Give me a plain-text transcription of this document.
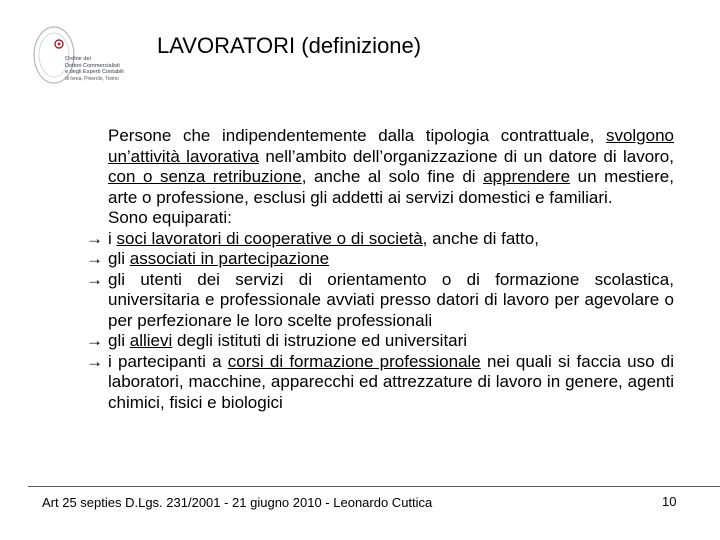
Ordine dei
Dottori Commercialisti
e degli Esperti Contabili
di Ivrea, Pinerolo, Torino
LAVORATORI (definizione)
Persone che indipendentemente dalla tipologia contrattuale, svolgono un’attività lavorativa nell’ambito dell’organizzazione di un datore di lavoro, con o senza retribuzione, anche al solo fine di apprendere un mestiere, arte o professione, esclusi gli addetti ai servizi domestici e familiari.
Sono equiparati:
→ i soci lavoratori di cooperative o di società, anche di fatto,
→ gli associati in partecipazione
→ gli utenti dei servizi di orientamento o di formazione scolastica, universitaria e professionale avviati presso datori di lavoro per agevolare o per perfezionare le loro scelte professionali
→ gli allievi degli istituti di istruzione ed universitari
→ i partecipanti a corsi di formazione professionale nei quali si faccia uso di laboratori, macchine, apparecchi ed attrezzature di lavoro in genere, agenti chimici, fisici e biologici
Art 25 septies D.Lgs. 231/2001 - 21 giugno 2010 - Leonardo Cuttica	10
